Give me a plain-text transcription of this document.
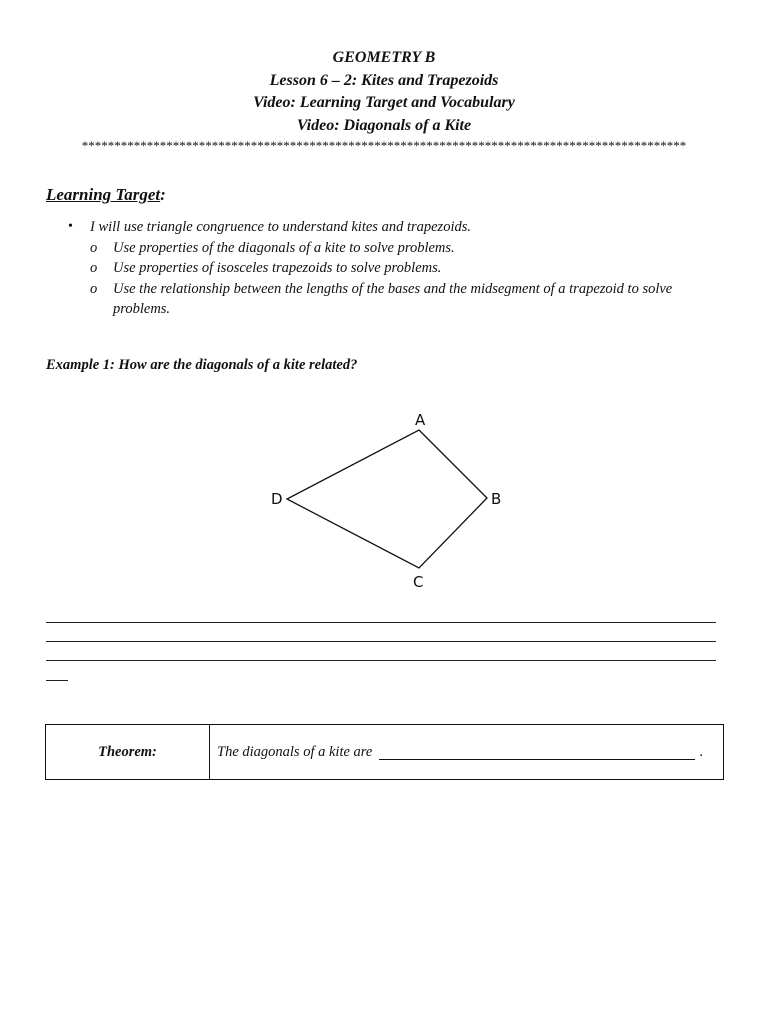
GEOMETRY B
Lesson 6 – 2: Kites and Trapezoids
Video: Learning Target and Vocabulary
Video: Diagonals of a Kite
*********************************************************************************************
Learning Target:
• I will use triangle congruence to understand kites and trapezoids.
o Use properties of the diagonals of a kite to solve problems.
o Use properties of isosceles trapezoids to solve problems.
o Use the relationship between the lengths of the bases and the midsegment of a trapezoid to solve problems.
Example 1: How are the diagonals of a kite related?
A
B
C
D
Theorem:	The diagonals of a kite are	.
